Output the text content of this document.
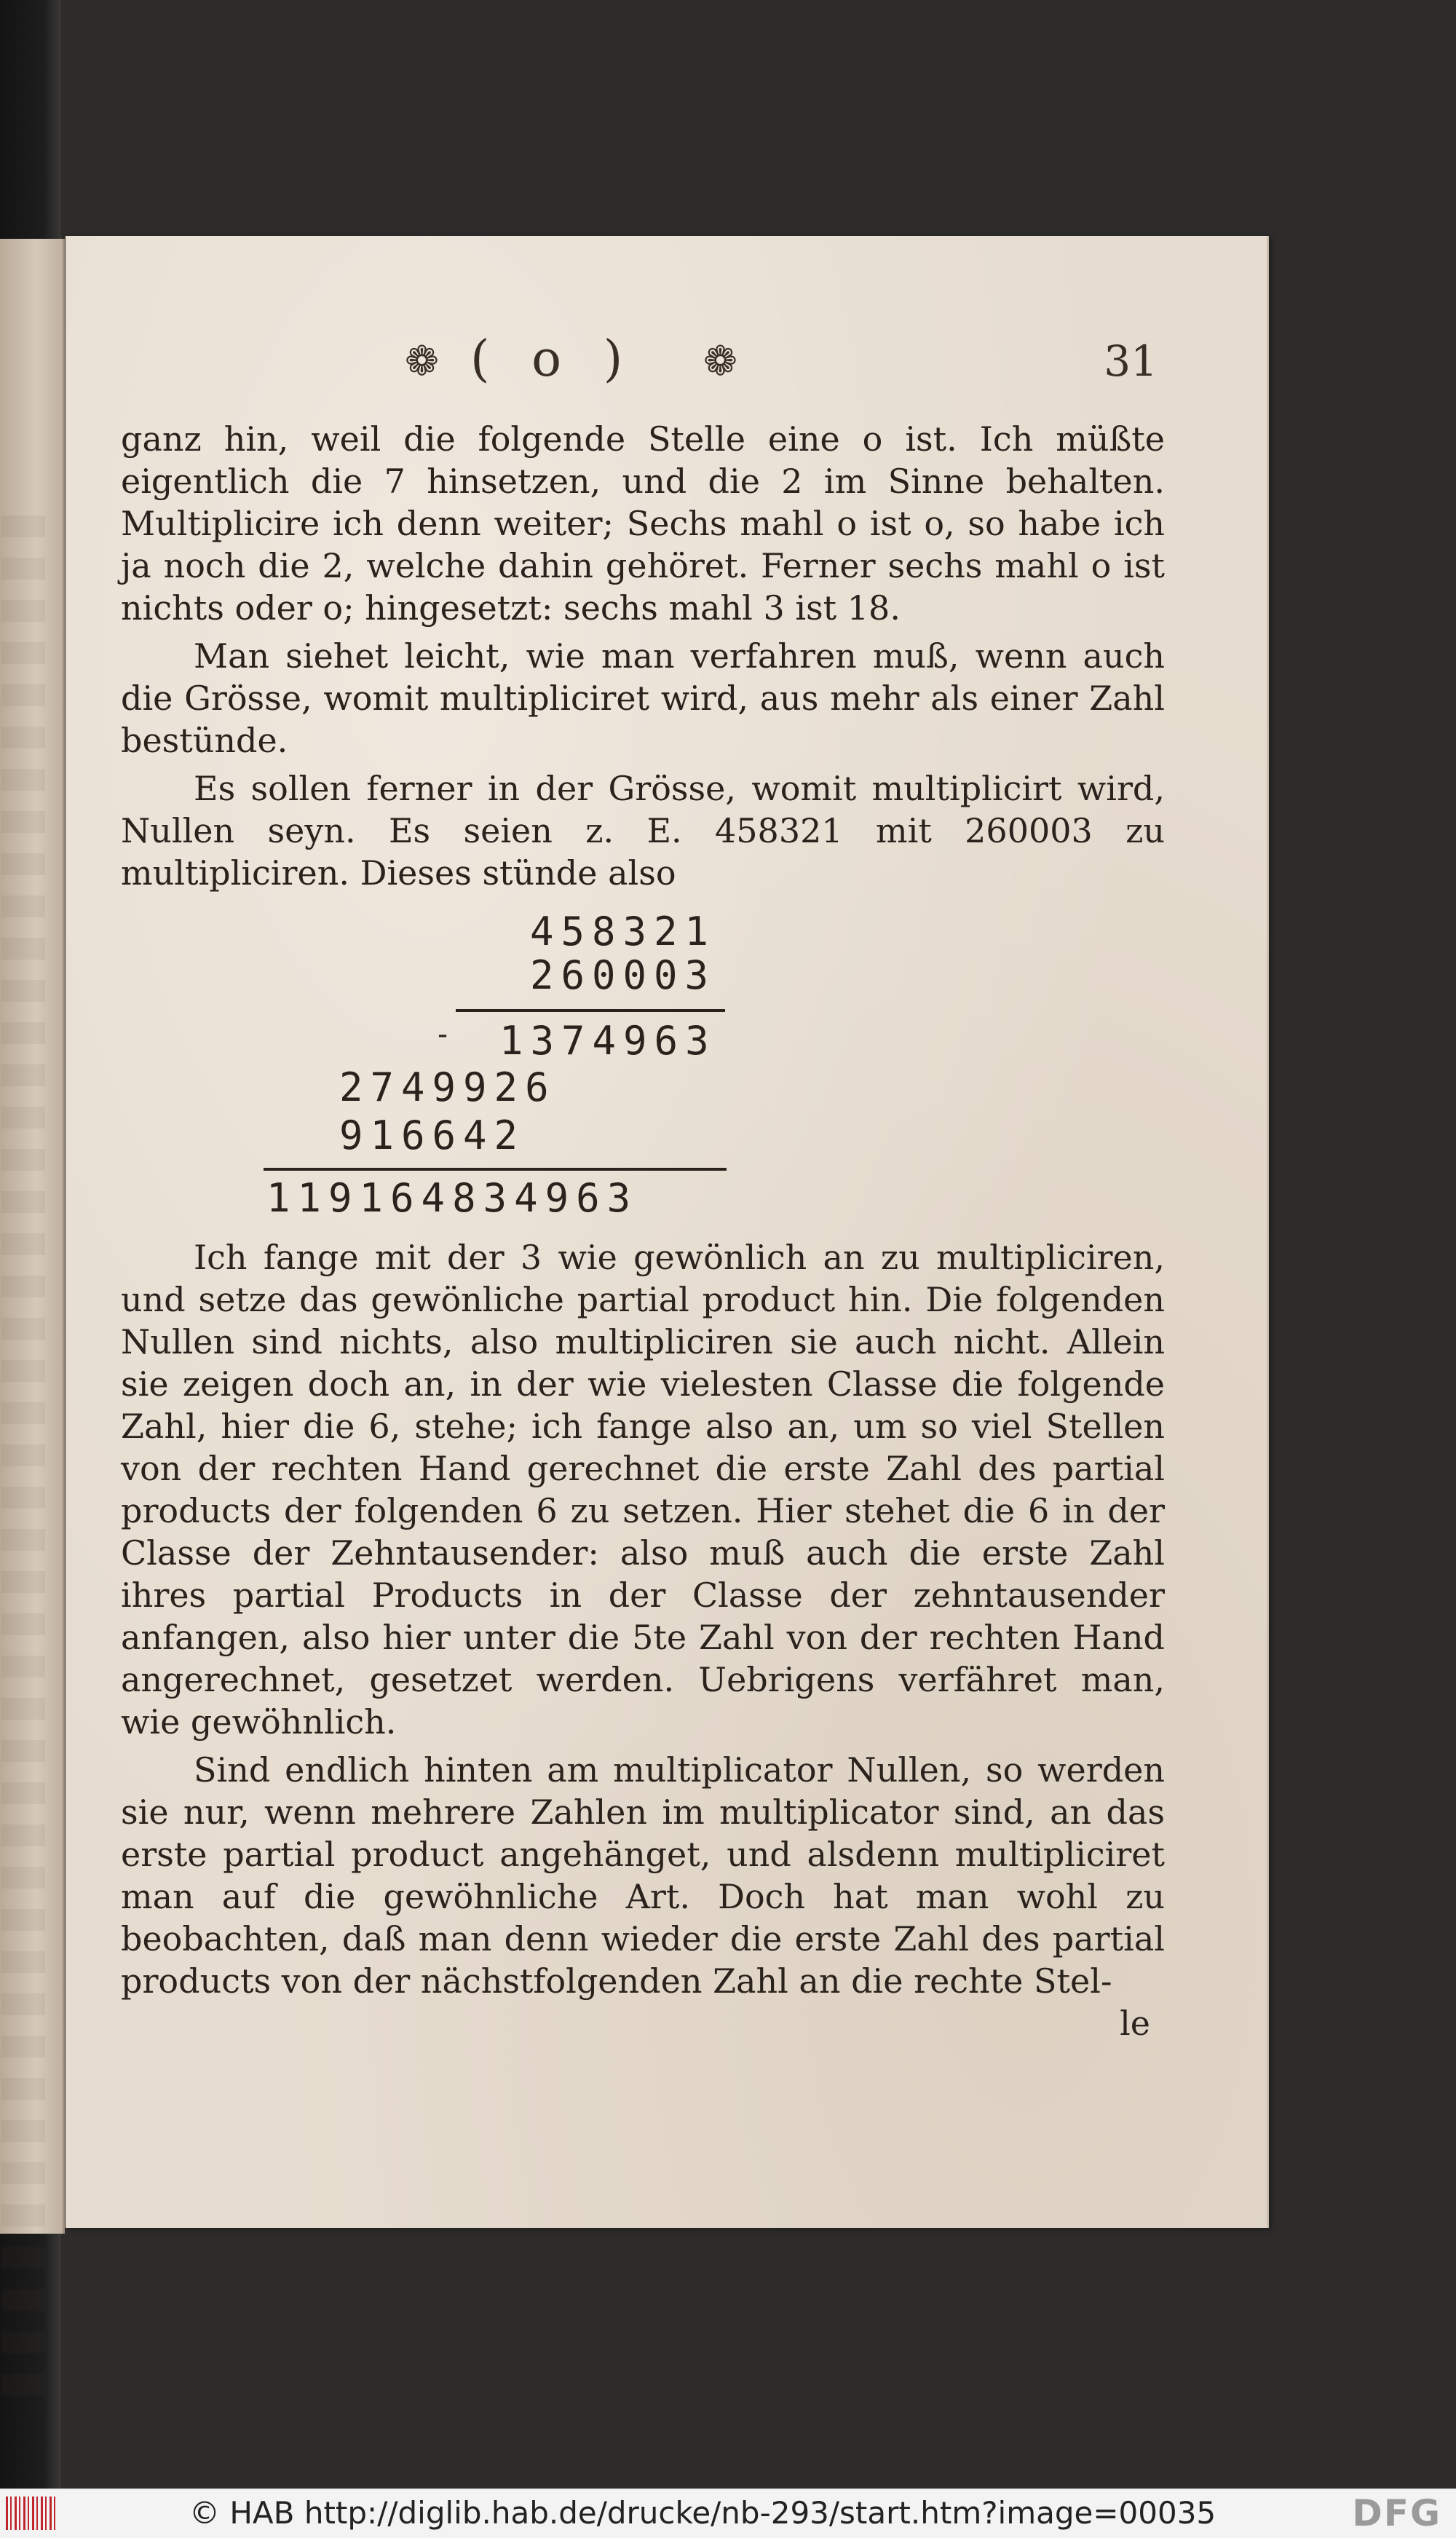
❁ ( o ) ❁	31

ganz hin, weil die folgende Stelle eine o ist. Ich müßte eigentlich die 7 hinsetzen, und die 2 im Sinne behalten. Multiplicire ich denn weiter; Sechs mahl o ist o, so habe ich ja noch die 2, welche dahin gehöret. Ferner sechs mahl o ist nichts oder o; hingesetzt: sechs mahl 3 ist 18.

Man siehet leicht, wie man verfahren muß, wenn auch die Grösse, womit multipliciret wird, aus mehr als einer Zahl bestünde.

Es sollen ferner in der Grösse, womit multiplicirt wird, Nullen seyn. Es seien z. E. 458321 mit 260003 zu multipliciren. Dieses stünde also

458321
260003
- 1374963
2749926
916642
119164834963

Ich fange mit der 3 wie gewönlich an zu multipliciren, und setze das gewönliche partial product hin. Die folgenden Nullen sind nichts, also multipliciren sie auch nicht. Allein sie zeigen doch an, in der wie vielesten Classe die folgende Zahl, hier die 6, stehe; ich fange also an, um so viel Stellen von der rechten Hand gerechnet die erste Zahl des partial products der folgenden 6 zu setzen. Hier stehet die 6 in der Classe der Zehntausender: also muß auch die erste Zahl ihres partial Products in der Classe der zehntausender anfangen, also hier unter die 5te Zahl von der rechten Hand angerechnet, gesetzet werden. Uebrigens verfähret man, wie gewöhnlich.

Sind endlich hinten am multiplicator Nullen, so werden sie nur, wenn mehrere Zahlen im multiplicator sind, an das erste partial product angehänget, und alsdenn multipliciret man auf die gewöhnliche Art. Doch hat man wohl zu beobachten, daß man denn wieder die erste Zahl des partial products von der nächstfolgenden Zahl an die rechte Stel-

le
© HAB http://diglib.hab.de/drucke/nb-293/start.htm?image=00035	DFG
